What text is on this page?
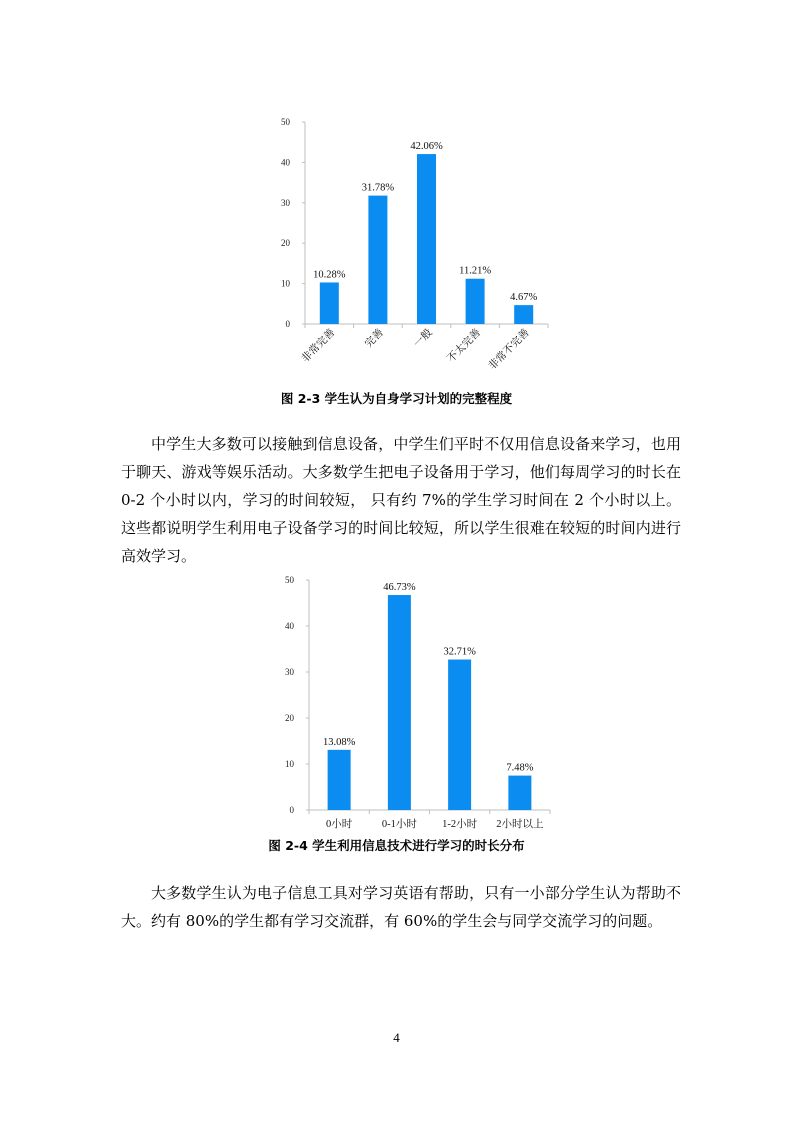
0
10
20
30
40
50
10.28%
非常完善
31.78%
完善
42.06%
一般
11.21%
不太完善
4.67%
非常不完善
0
10
20
30
40
50
13.08%
0小时
46.73%
0-1小时
32.71%
1-2小时
7.48%
2小时以上
图 2-3 学生认为自身学习计划的完整程度

中学生大多数可以接触到信息设备，中学生们平时不仅用信息设备来学习，也用于聊天、游戏等娱乐活动。大多数学生把电子设备用于学习，他们每周学习的时长在 0-2 个小时以内，学习的时间较短， 只有约 7%的学生学习时间在 2 个小时以上。这些都说明学生利用电子设备学习的时间比较短，所以学生很难在较短的时间内进行高效学习。

图 2-4 学生利用信息技术进行学习的时长分布

大多数学生认为电子信息工具对学习英语有帮助，只有一小部分学生认为帮助不大。约有 80%的学生都有学习交流群，有 60%的学生会与同学交流学习的问题。

4
